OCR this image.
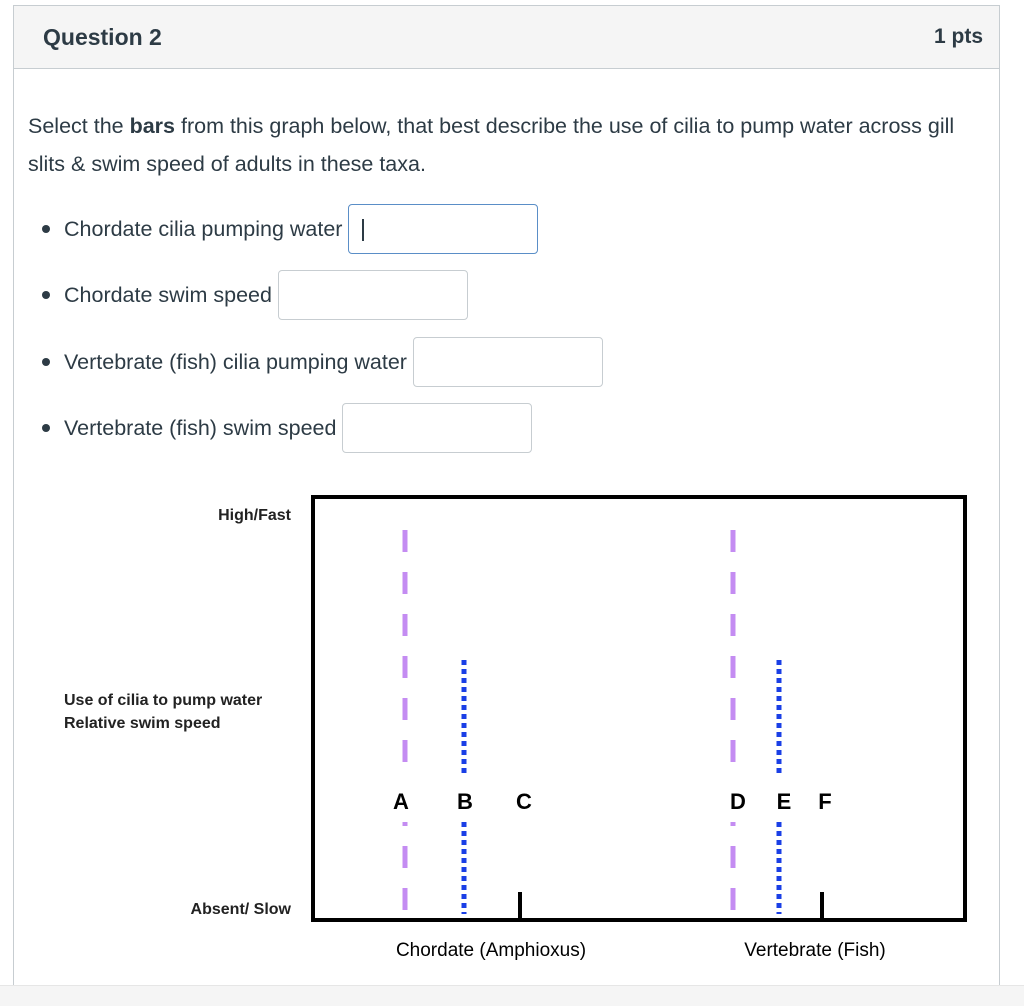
Question 2	1 pts
Select the bars from this graph below, that best describe the use of cilia to pump water across gill slits & swim speed of adults in these taxa.
Chordate cilia pumping water
Chordate swim speed
Vertebrate (fish) cilia pumping water
Vertebrate (fish) swim speed
High/Fast
Use of cilia to pump water
Relative swim speed
Absent/ Slow
A B C	D E F
Chordate (Amphioxus)	Vertebrate (Fish)
